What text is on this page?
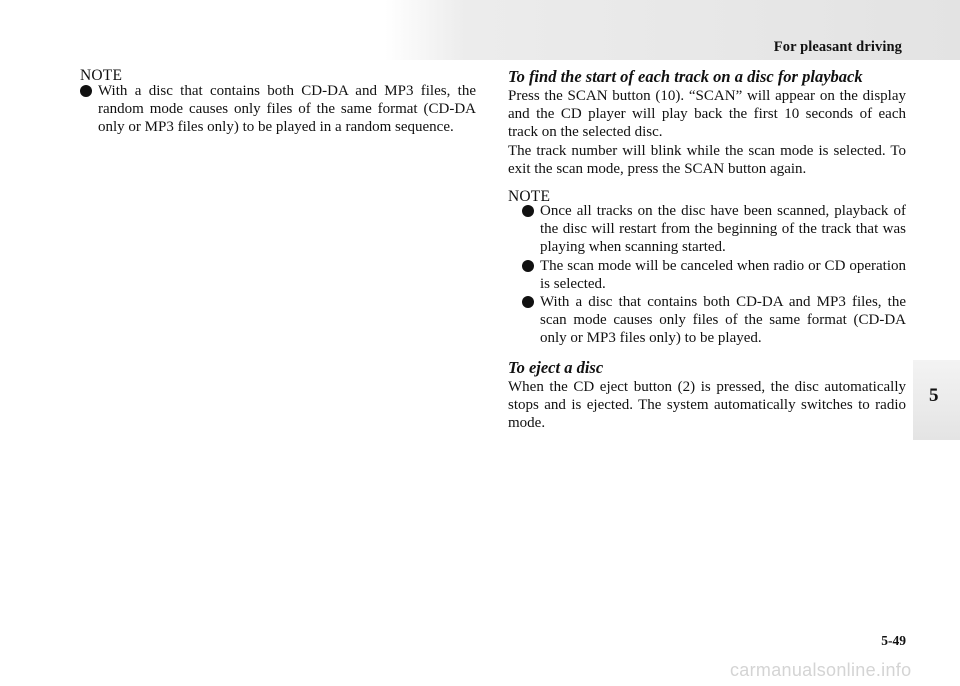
For pleasant driving
5
NOTE
With a disc that contains both CD-DA and MP3 files, the random mode causes only files of the same format (CD-DA only or MP3 files only) to be played in a random sequence.
To find the start of each track on a disc for playback

Press the SCAN button (10). “SCAN” will appear on the display and the CD player will play back the first 10 seconds of each track on the selected disc.

The track number will blink while the scan mode is selected. To exit the scan mode, press the SCAN button again.

NOTE
Once all tracks on the disc have been scanned, playback of the disc will restart from the beginning of the track that was playing when scanning started.
The scan mode will be canceled when radio or CD operation is selected.
With a disc that contains both CD-DA and MP3 files, the scan mode causes only files of the same format (CD-DA only or MP3 files only) to be played.
To eject a disc

When the CD eject button (2) is pressed, the disc automatically stops and is ejected. The system automatically switches to radio mode.

5-49
carmanualsonline.info
